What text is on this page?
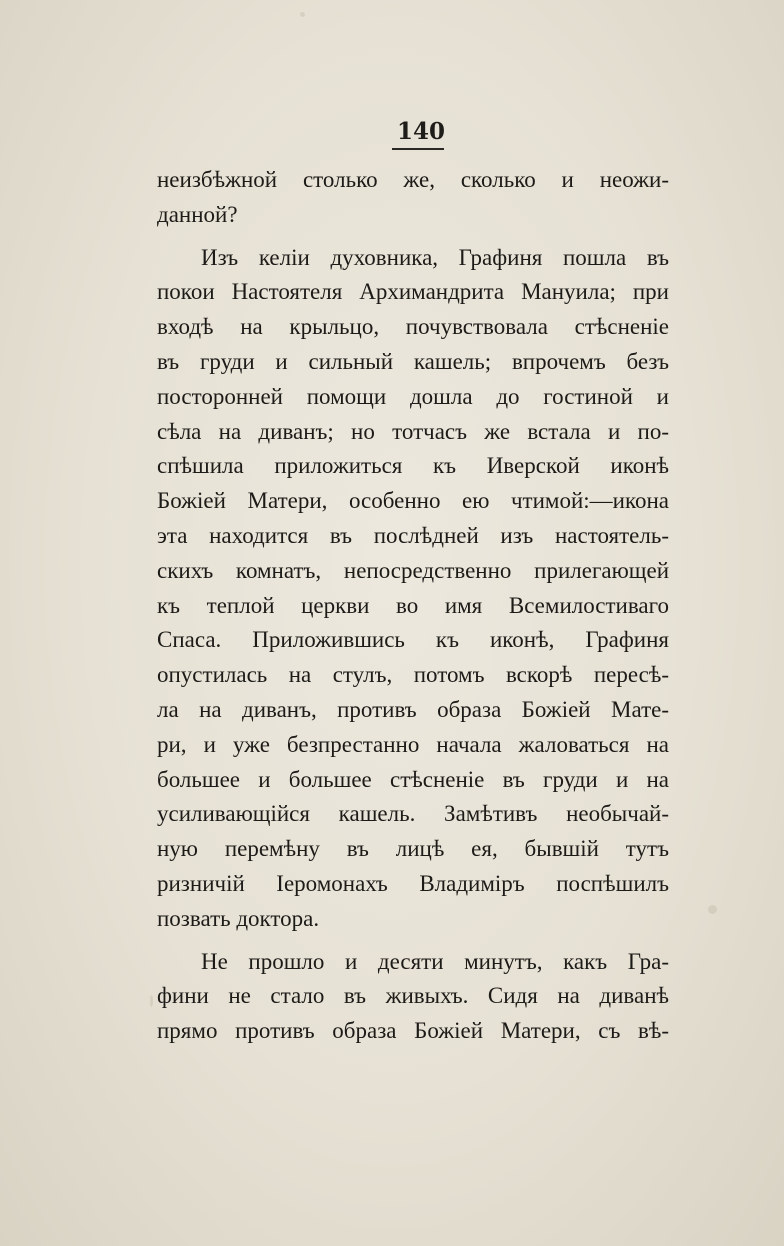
140
неизбѣжной столько же, сколько и неожи-
данной?
Изъ келіи духовника, Графиня пошла въ
покои Настоятеля Архимандрита Мануила; при
входѣ на крыльцо, почувствовала стѣсненіе
въ груди и сильный кашель; впрочемъ безъ
посторонней помощи дошла до гостиной и
сѣла на диванъ; но тотчасъ же встала и по-
спѣшила приложиться къ Иверской иконѣ
Божіей Матери, особенно ею чтимой:—икона
эта находится въ послѣдней изъ настоятель-
скихъ комнатъ, непосредственно прилегающей
къ теплой церкви во имя Всемилостиваго
Спаса. Приложившись къ иконѣ, Графиня
опустилась на стулъ, потомъ вскорѣ пересѣ-
ла на диванъ, противъ образа Божіей Мате-
ри, и уже безпрестанно начала жаловаться на
большее и большее стѣсненіе въ груди и на
усиливающійся кашель. Замѣтивъ необычай-
ную перемѣну въ лицѣ ея, бывшій тутъ
ризничій Іеромонахъ Владиміръ поспѣшилъ
позвать доктора.
Не прошло и десяти минутъ, какъ Гра-
фини не стало въ живыхъ. Сидя на диванѣ
прямо противъ образа Божіей Матери, съ вѣ-
